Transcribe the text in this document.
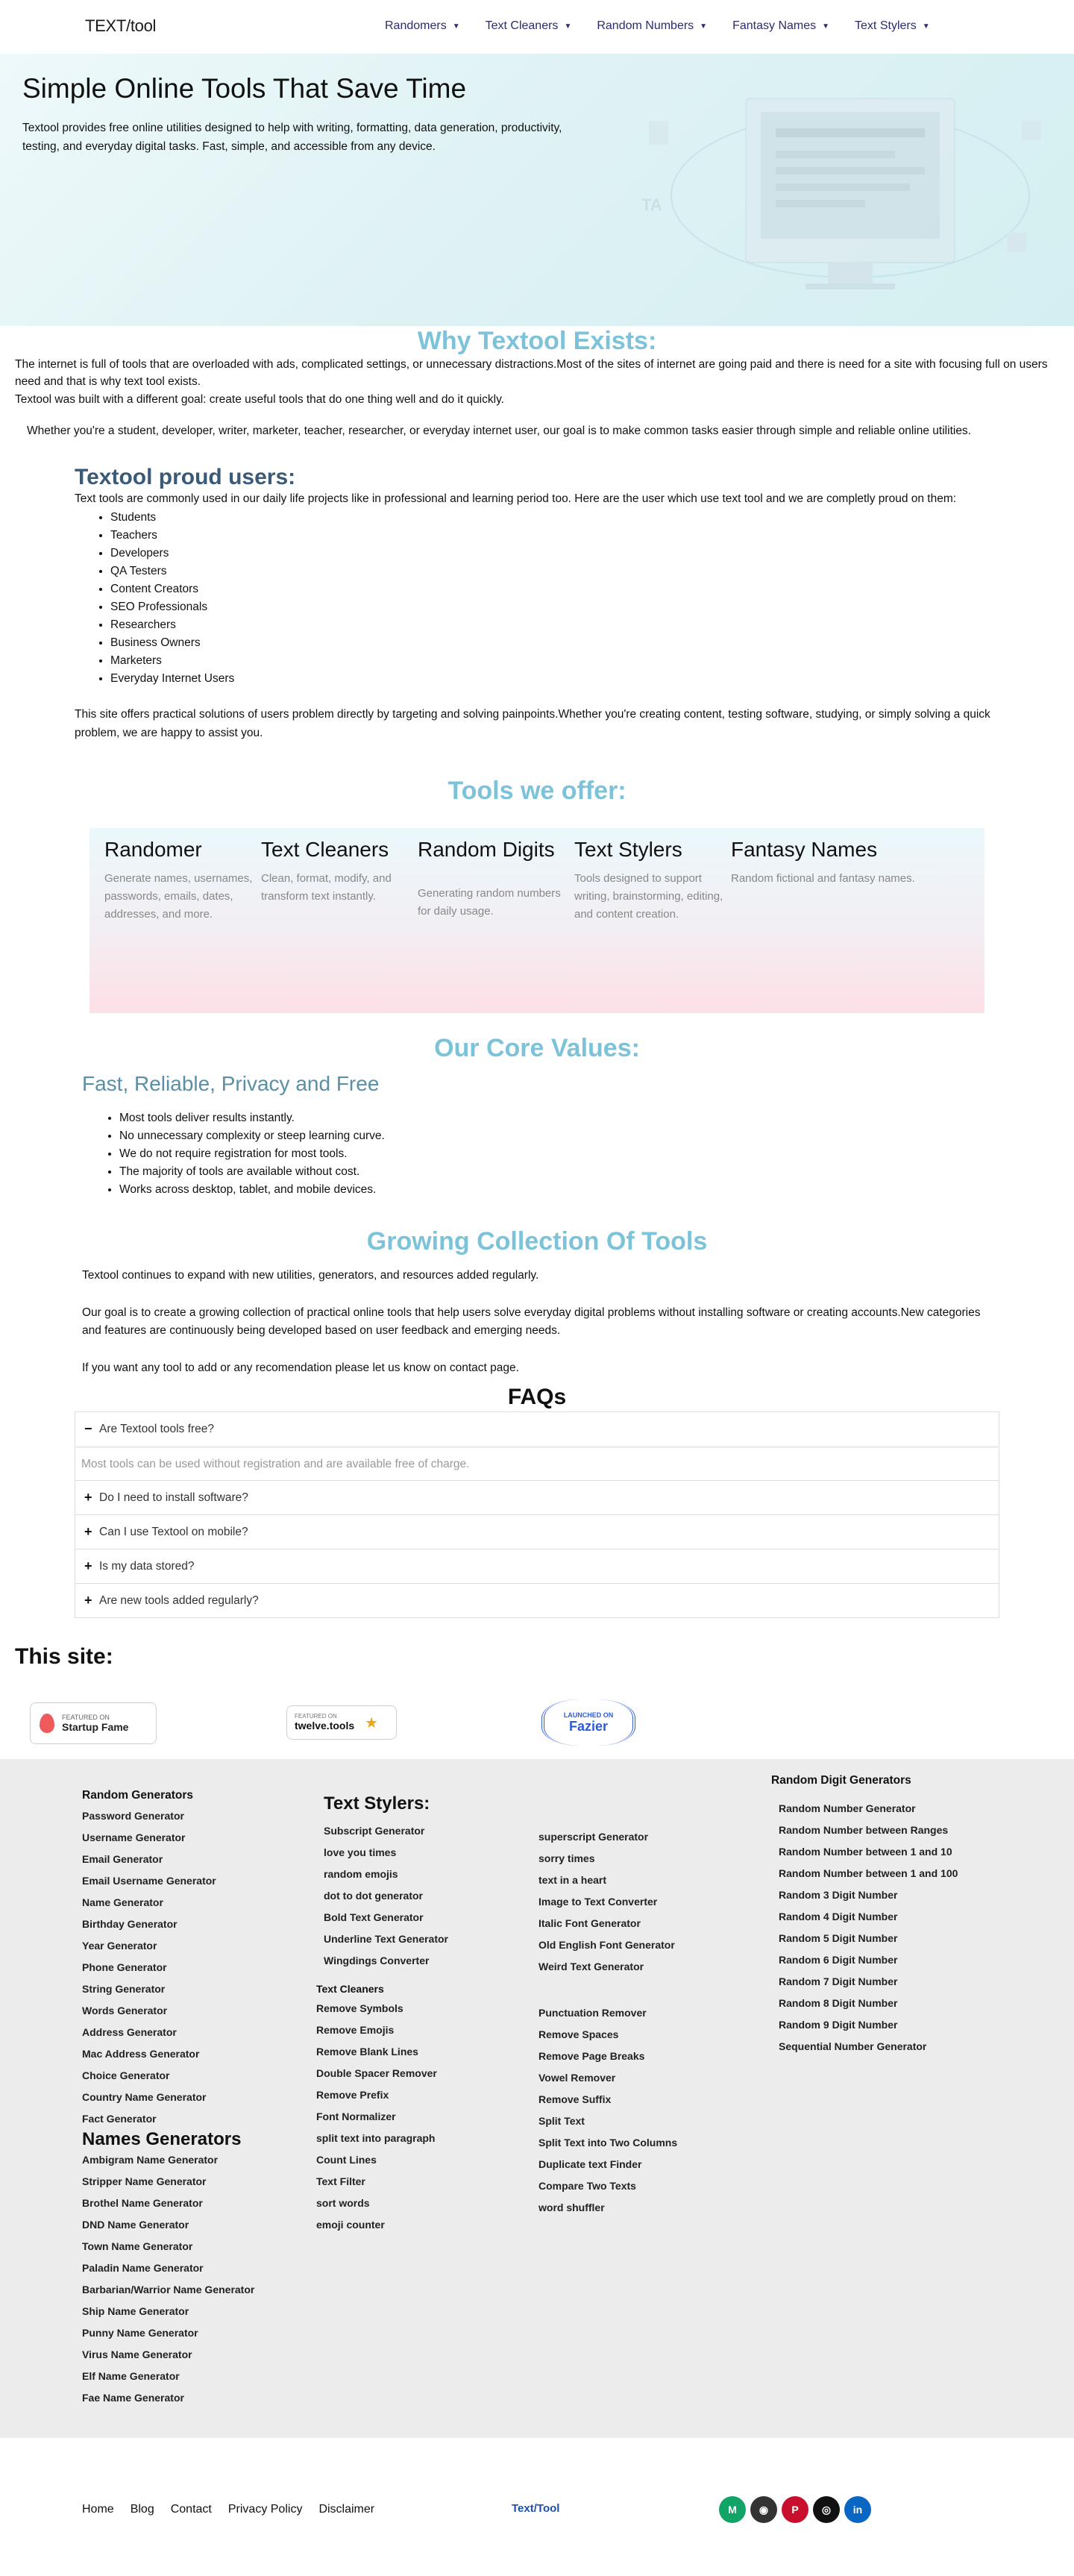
TEXT/tool	Randomers ▼ Text Cleaners ▼ Random Numbers ▼ Fantasy Names ▼ Text Stylers ▼
Simple Online Tools That Save Time

Textool provides free online utilities designed to help with writing, formatting, data generation, productivity, testing, and everyday digital tasks. Fast, simple, and accessible from any device.

TA
Why Textool Exists:

The internet is full of tools that are overloaded with ads, complicated settings, or unnecessary distractions.Most of the sites of internet are going paid and there is need for a site with focusing full on users need and that is why text tool exists.

Textool was built with a different goal: create useful tools that do one thing well and do it quickly.

Whether you're a student, developer, writer, marketer, teacher, researcher, or everyday internet user, our goal is to make common tasks easier through simple and reliable online utilities.

Textool proud users:

Text tools are commonly used in our daily life projects like in professional and learning period too. Here are the user which use text tool and we are completly proud on them:

• Students
• Teachers
• Developers
• QA Testers
• Content Creators
• SEO Professionals
• Researchers
• Business Owners
• Marketers
• Everyday Internet Users

This site offers practical solutions of users problem directly by targeting and solving painpoints.Whether you're creating content, testing software, studying, or simply solving a quick problem, we are happy to assist you.

Tools we offer:
Randomer

Generate names, usernames, passwords, emails, dates, addresses, and more.

Text Cleaners

Clean, format, modify, and transform text instantly.

Random Digits

Generating random numbers for daily usage.

Text Stylers

Tools designed to support writing, brainstorming, editing, and content creation.

Fantasy Names

Random fictional and fantasy names.

Our Core Values:
Fast, Reliable, Privacy and Free
• Most tools deliver results instantly.
• No unnecessary complexity or steep learning curve.
• We do not require registration for most tools.
• The majority of tools are available without cost.
• Works across desktop, tablet, and mobile devices.
Growing Collection Of Tools

Textool continues to expand with new utilities, generators, and resources added regularly.

Our goal is to create a growing collection of practical online tools that help users solve everyday digital problems without installing software or creating accounts.New categories and features are continuously being developed based on user feedback and emerging needs.

If you want any tool to add or any recomendation please let us know on contact page.

FAQs
− Are Textool tools free?
Most tools can be used without registration and are available free of charge.
+ Do I need to install software?
+ Can I use Textool on mobile?
+ Is my data stored?
+ Are new tools added regularly?
This site:
FEATURED ON
Startup Fame
FEATURED ON
twelve.tools ★	LAUNCHED ON
Fazier
Random Generators
Password Generator
Username Generator
Email Generator
Email Username Generator
Name Generator
Birthday Generator
Year Generator
Phone Generator
String Generator
Words Generator
Address Generator
Mac Address Generator
Choice Generator
Country Name Generator
Fact Generator
Names Generators
Ambigram Name Generator
Stripper Name Generator
Brothel Name Generator
DND Name Generator
Town Name Generator
Paladin Name Generator
Barbarian/Warrior Name Generator
Ship Name Generator
Punny Name Generator
Virus Name Generator
Elf Name Generator
Fae Name Generator
Text Stylers:
Subscript Generator
love you times
random emojis
dot to dot generator
Bold Text Generator
Underline Text Generator
Wingdings Converter
superscript Generator
sorry times
text in a heart
Image to Text Converter
Italic Font Generator
Old English Font Generator
Weird Text Generator
Text Cleaners
Remove Symbols
Remove Emojis
Remove Blank Lines
Double Spacer Remover
Remove Prefix
Font Normalizer
split text into paragraph
Count Lines
Text Filter
sort words
emoji counter
Punctuation Remover
Remove Spaces
Remove Page Breaks
Vowel Remover
Remove Suffix
Split Text
Split Text into Two Columns
Duplicate text Finder
Compare Two Texts
word shuffler
Random Digit Generators
Random Number Generator
Random Number between Ranges
Random Number between 1 and 10
Random Number between 1 and 100
Random 3 Digit Number
Random 4 Digit Number
Random 5 Digit Number
Random 6 Digit Number
Random 7 Digit Number
Random 8 Digit Number
Random 9 Digit Number
Sequential Number Generator
Home Blog Contact Privacy Policy Disclaimer	Text/Tool	M	◉	P	◎	in
